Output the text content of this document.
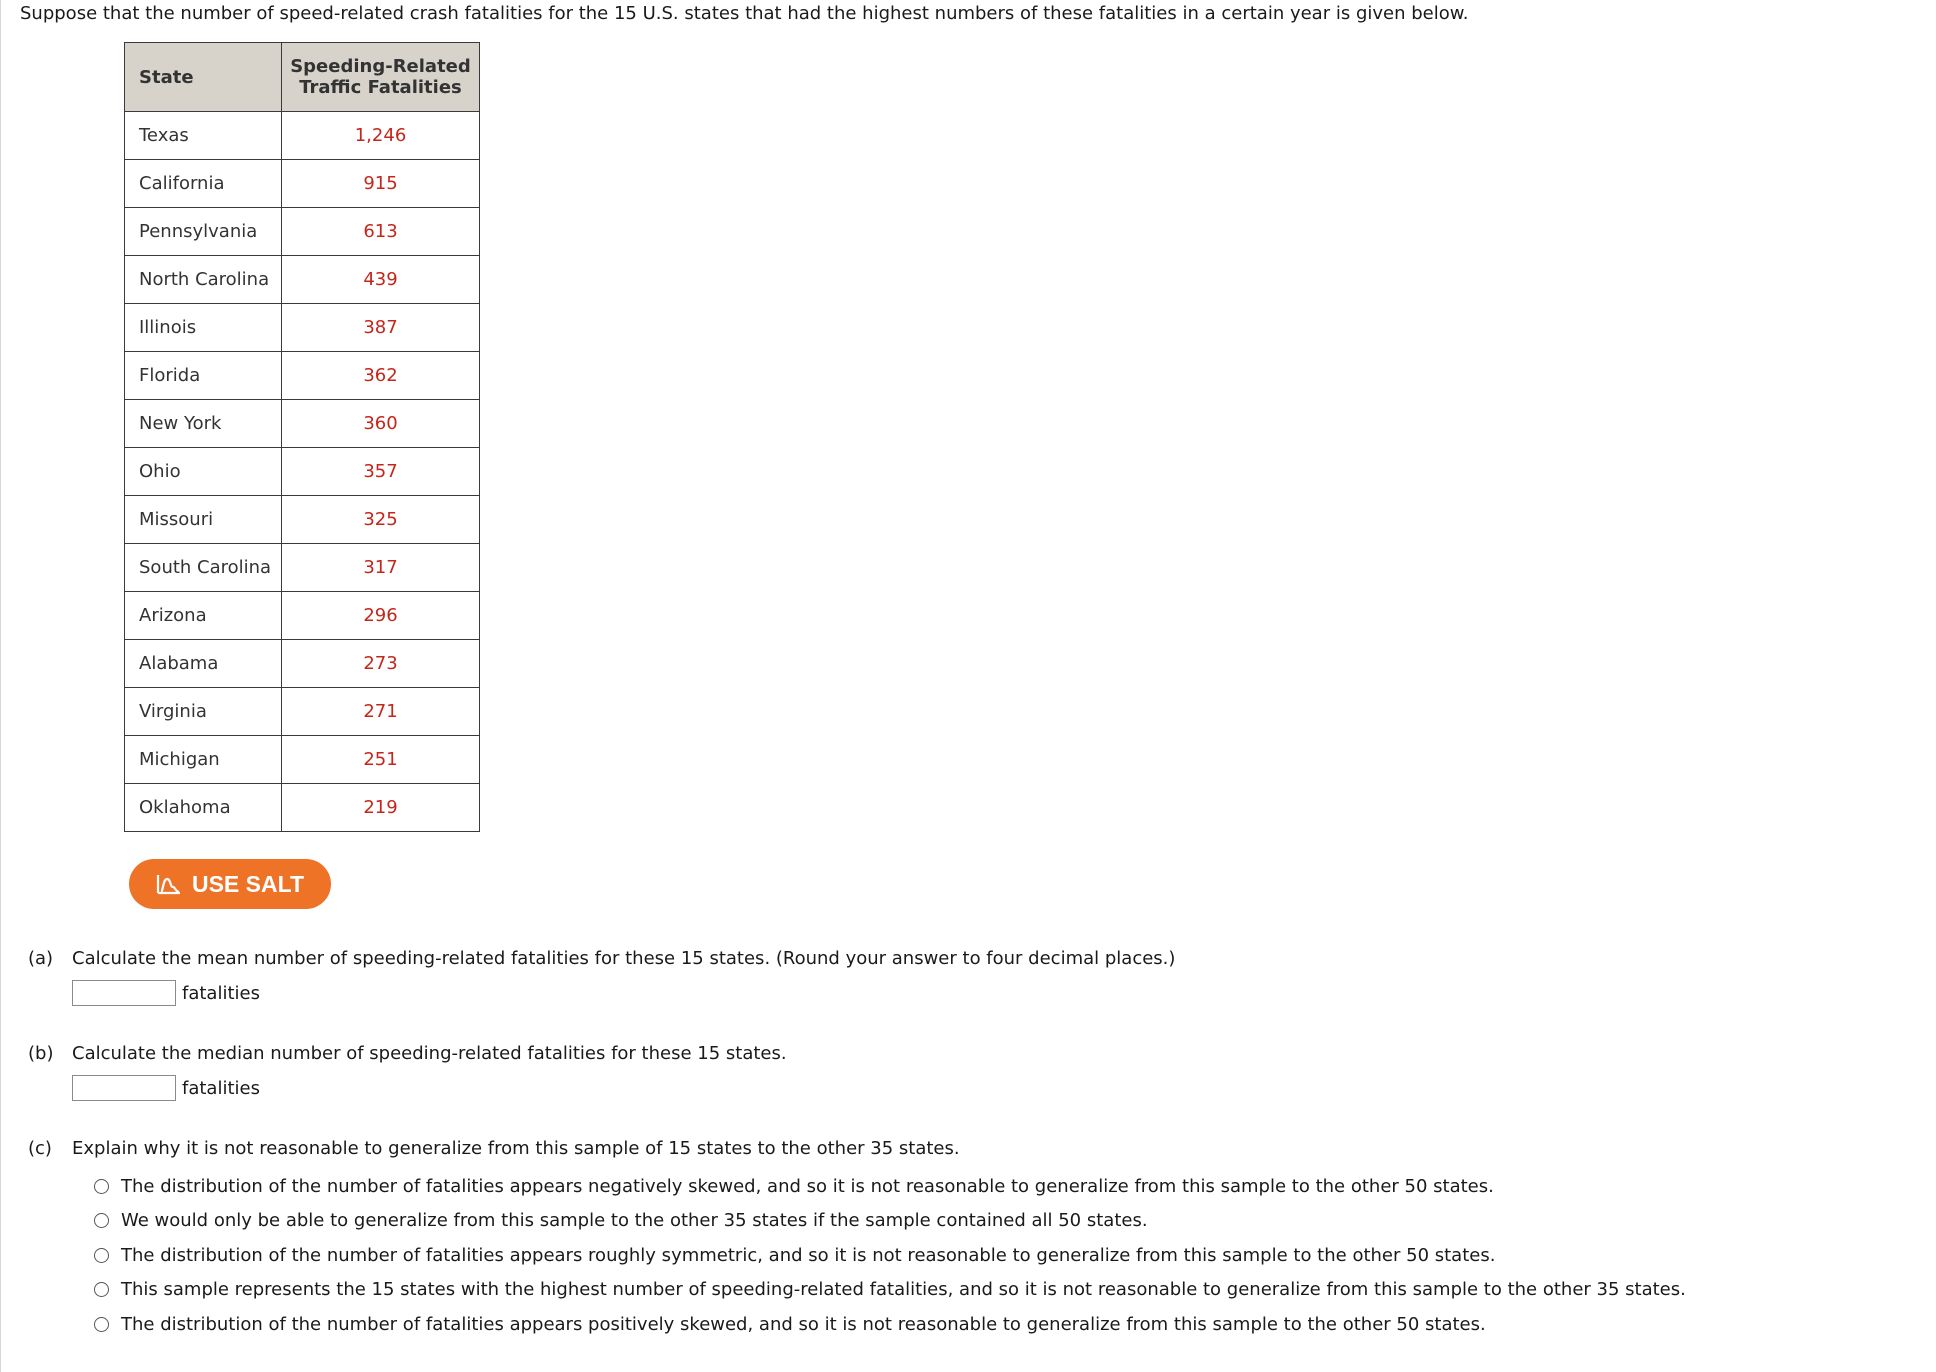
Suppose that the number of speed-related crash fatalities for the 15 U.S. states that had the highest numbers of these fatalities in a certain year is given below.
State	Speeding-Related
Traffic Fatalities
Texas	1,246
California	915
Pennsylvania	613
North Carolina	439
Illinois	387
Florida	362
New York	360
Ohio	357
Missouri	325
South Carolina	317
Arizona	296
Alabama	273
Virginia	271
Michigan	251
Oklahoma	219
USE SALT
(a) Calculate the mean number of speeding-related fatalities for these 15 states. (Round your answer to four decimal places.)
fatalities
(b) Calculate the median number of speeding-related fatalities for these 15 states.
fatalities
(c) Explain why it is not reasonable to generalize from this sample of 15 states to the other 35 states.
The distribution of the number of fatalities appears negatively skewed, and so it is not reasonable to generalize from this sample to the other 50 states.
We would only be able to generalize from this sample to the other 35 states if the sample contained all 50 states.
The distribution of the number of fatalities appears roughly symmetric, and so it is not reasonable to generalize from this sample to the other 50 states.
This sample represents the 15 states with the highest number of speeding-related fatalities, and so it is not reasonable to generalize from this sample to the other 35 states.
The distribution of the number of fatalities appears positively skewed, and so it is not reasonable to generalize from this sample to the other 50 states.
